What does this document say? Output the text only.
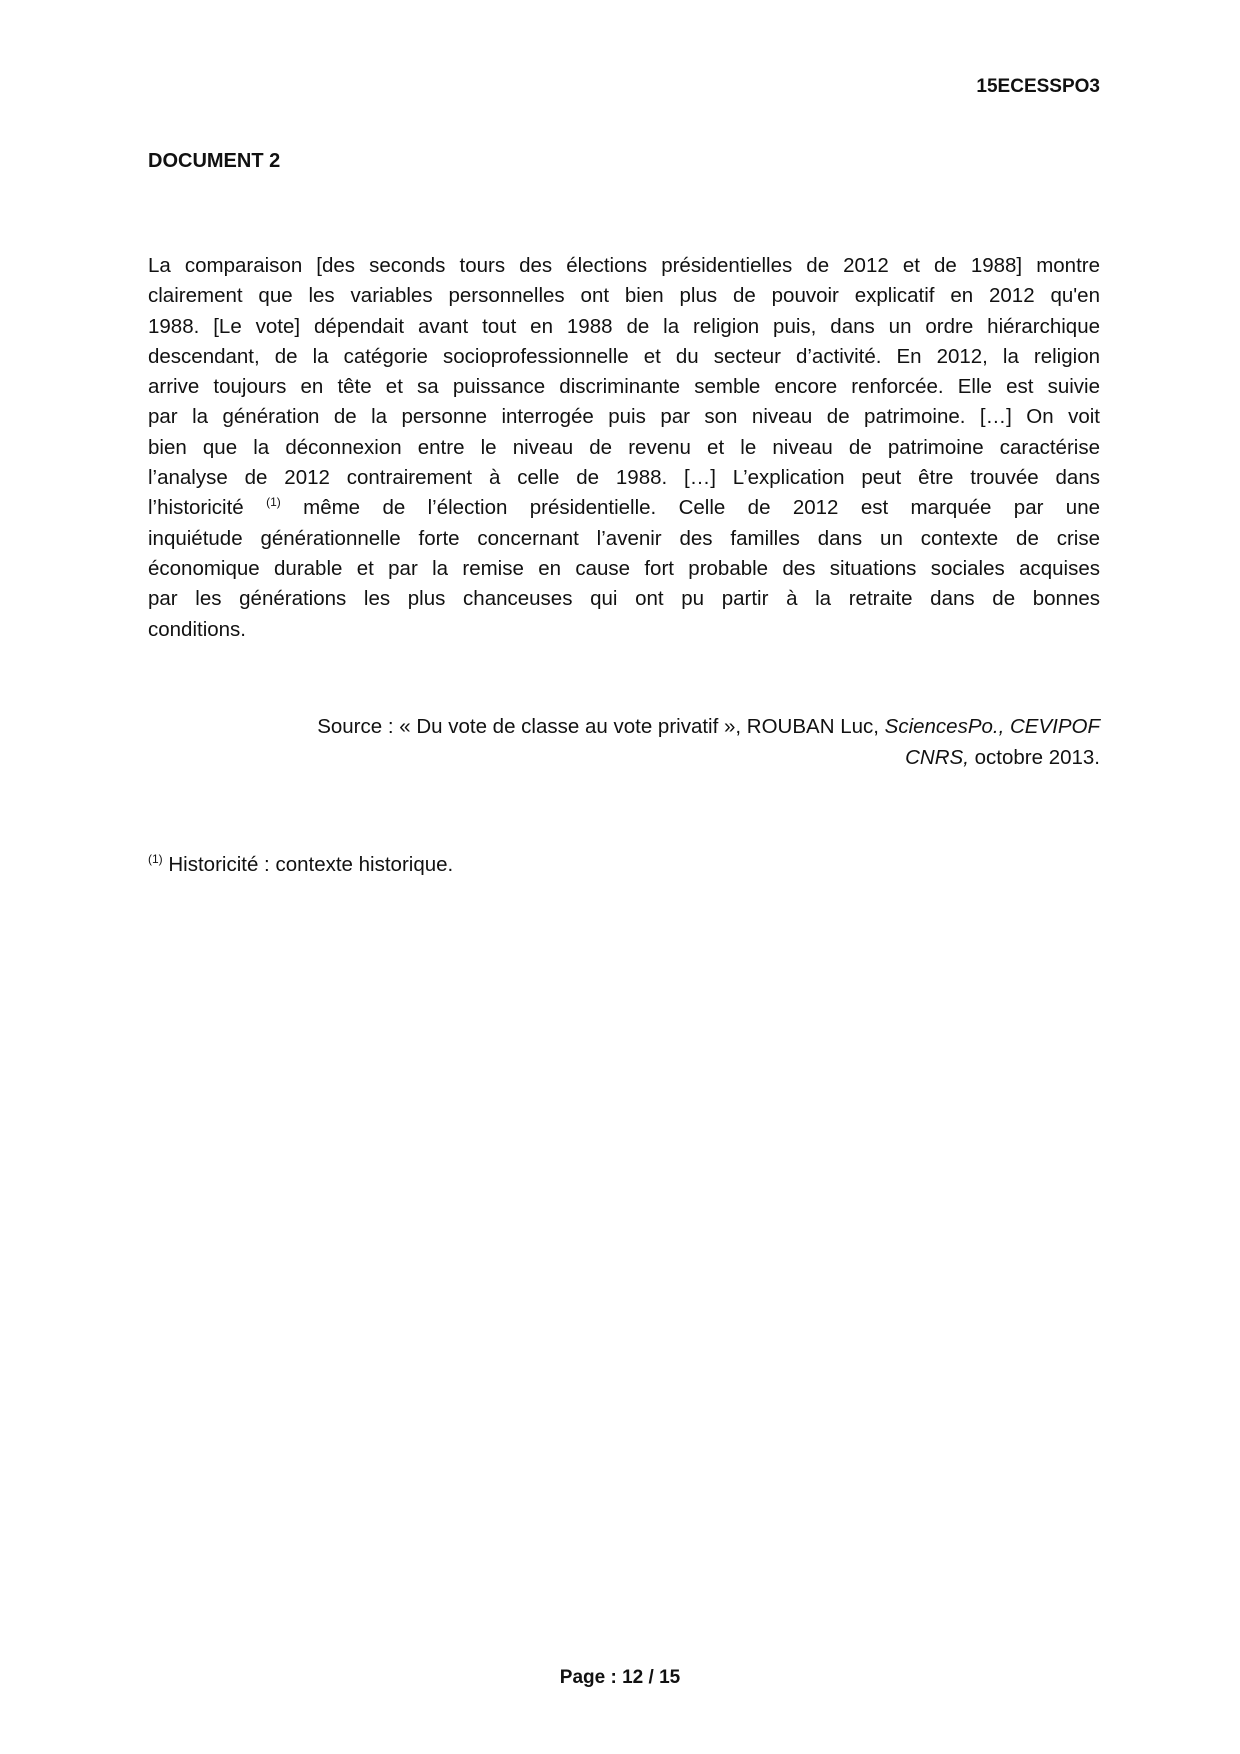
15ECESSPO3
DOCUMENT 2
La comparaison [des seconds tours des élections présidentielles de 2012 et de 1988] montre
clairement que les variables personnelles ont bien plus de pouvoir explicatif en 2012 qu'en
1988. [Le vote] dépendait avant tout en 1988 de la religion puis, dans un ordre hiérarchique
descendant, de la catégorie socioprofessionnelle et du secteur d’activité. En 2012, la religion
arrive toujours en tête et sa puissance discriminante semble encore renforcée. Elle est suivie
par la génération de la personne interrogée puis par son niveau de patrimoine. […] On voit
bien que la déconnexion entre le niveau de revenu et le niveau de patrimoine caractérise
l’analyse de 2012 contrairement à celle de 1988. […] L’explication peut être trouvée dans
l’historicité $^{(1)}$ même de l’élection présidentielle. Celle de 2012 est marquée par une
inquiétude générationnelle forte concernant l’avenir des familles dans un contexte de crise
économique durable et par la remise en cause fort probable des situations sociales acquises
par les générations les plus chanceuses qui ont pu partir à la retraite dans de bonnes
conditions.
Source : « Du vote de classe au vote privatif », ROUBAN Luc, SciencesPo., CEVIPOF
CNRS, octobre 2013.
$^{(1)}$ Historicité : contexte historique.
Page : 12 / 15
